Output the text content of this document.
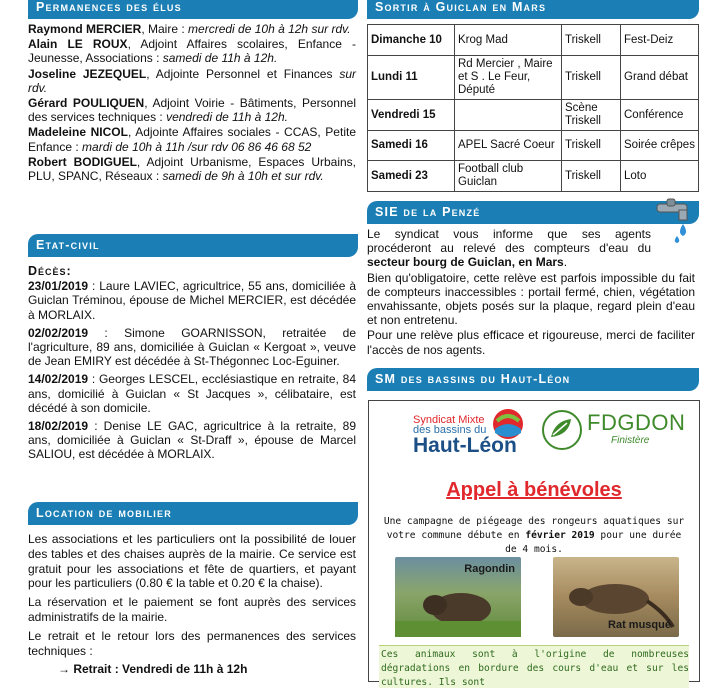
Permanences des élus

Raymond MERCIER, Maire : mercredi de 10h à 12h sur rdv.

Alain LE ROUX, Adjoint Affaires scolaires, Enfance - Jeunesse, Associations : samedi de 11h à 12h.

Joseline JEZEQUEL, Adjointe Personnel et Finances sur rdv.

Gérard POULIQUEN, Adjoint Voirie - Bâtiments, Personnel des services techniques : vendredi de 11h à 12h.

Madeleine NICOL, Adjointe Affaires sociales - CCAS, Petite Enfance : mardi de 10h à 11h /sur rdv 06 86 46 68 52

Robert BODIGUEL, Adjoint Urbanisme, Espaces Urbains, PLU, SPANC, Réseaux : samedi de 9h à 10h et sur rdv.

Etat-civil

Décès:

23/01/2019 : Laure LAVIEC, agricultrice, 55 ans, domiciliée à Guiclan Tréminou, épouse de Michel MERCIER, est décédée à MORLAIX.

02/02/2019 : Simone GOARNISSON, retraitée de l'agriculture, 89 ans, domiciliée à Guiclan « Kergoat », veuve de Jean EMIRY est décédée à St-Thégonnec Loc-Eguiner.

14/02/2019 : Georges LESCEL, ecclésiastique en retraite, 84 ans, domicilié à Guiclan « St Jacques », célibataire, est décédé à son domicile.

18/02/2019 : Denise LE GAC, agricultrice à la retraite, 89 ans, domiciliée à Guiclan « St-Draff », épouse de Marcel SALIOU, est décédée à MORLAIX.

Location de mobilier

Les associations et les particuliers ont la possibilité de louer des tables et des chaises auprès de la mairie. Ce service est gratuit pour les associations et fête de quartiers, et payant pour les particuliers (0.80 € la table et 0.20 € la chaise).

La réservation et le paiement se font auprès des services administratifs de la mairie.

Le retrait et le retour lors des permanences des services techniques :

→ Retrait : Vendredi de 11h à 12h

Sortir à Guiclan en Mars
Dimanche 10	Krog Mad	Triskell	Fest-Deiz
Lundi 11	Rd Mercier , Maire et S . Le Feur, Député	Triskell	Grand débat
Vendredi 15		Scène Triskell	Conférence
Samedi 16	APEL Sacré Coeur	Triskell	Soirée crêpes
Samedi 23	Football club Guiclan	Triskell	Loto
SIE de la Penzé

Le syndicat vous informe que ses agents procéderont au relevé des compteurs d'eau du secteur bourg de Guiclan, en Mars.

Bien qu'obligatoire, cette relève est parfois impossible du fait de compteurs inaccessibles : portail fermé, chien, végétation envahissante, objets posés sur la plaque, regard plein d'eau et non entretenu.

Pour une relève plus efficace et rigoureuse, merci de faciliter l'accès de nos agents.

SM des bassins du Haut-Léon
Syndicat Mixte
des bassins du
Haut-Léon
FDGDON
Finistère
Appel à bénévoles
Une campagne de piégeage des rongeurs aquatiques sur votre commune débute en février 2019 pour une durée de 4 mois.
Ragondin
Rat musqué
Ces animaux sont à l'origine de nombreuses dégradations en bordure des cours d'eau et sur les cultures. Ils sont
